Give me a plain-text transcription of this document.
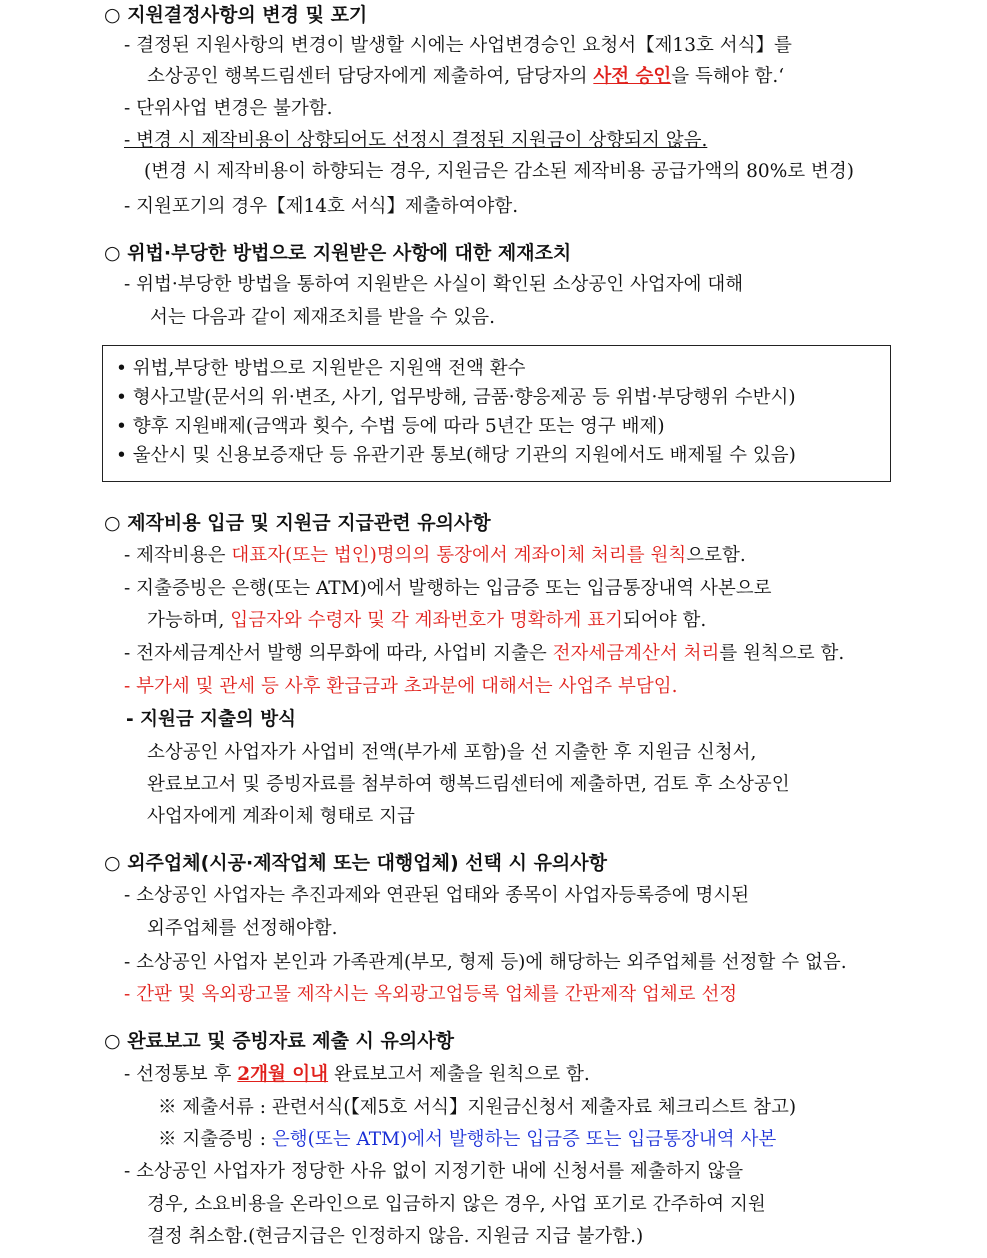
○ 지원결정사항의 변경 및 포기
- 결정된 지원사항의 변경이 발생할 시에는 사업변경승인 요청서【제13호 서식】를
소상공인 행복드림센터 담당자에게 제출하여, 담당자의 사전 승인을 득해야 함.‘
- 단위사업 변경은 불가함.
- 변경 시 제작비용이 상향되어도 선정시 결정된 지원금이 상향되지 않음.
(변경 시 제작비용이 하향되는 경우, 지원금은 감소된 제작비용 공급가액의 80%로 변경)
- 지원포기의 경우【제14호 서식】제출하여야함.
○ 위법·부당한 방법으로 지원받은 사항에 대한 제재조치
- 위법·부당한 방법을 통하여 지원받은 사실이 확인된 소상공인 사업자에 대해
서는 다음과 같이 제재조치를 받을 수 있음.
• 위법,부당한 방법으로 지원받은 지원액 전액 환수
• 형사고발(문서의 위·변조, 사기, 업무방해, 금품·향응제공 등 위법·부당행위 수반시)
• 향후 지원배제(금액과 횟수, 수법 등에 따라 5년간 또는 영구 배제)
• 울산시 및 신용보증재단 등 유관기관 통보(해당 기관의 지원에서도 배제될 수 있음)
○ 제작비용 입금 및 지원금 지급관련 유의사항
- 제작비용은 대표자(또는 법인)명의의 통장에서 계좌이체 처리를 원칙으로함.
- 지출증빙은 은행(또는 ATM)에서 발행하는 입금증 또는 입금통장내역 사본으로
가능하며, 입금자와 수령자 및 각 계좌번호가 명확하게 표기되어야 함.
- 전자세금계산서 발행 의무화에 따라, 사업비 지출은 전자세금계산서 처리를 원칙으로 함.
- 부가세 및 관세 등 사후 환급금과 초과분에 대해서는 사업주 부담임.
- 지원금 지출의 방식
소상공인 사업자가 사업비 전액(부가세 포함)을 선 지출한 후 지원금 신청서,
완료보고서 및 증빙자료를 첨부하여 행복드림센터에 제출하면, 검토 후 소상공인
사업자에게 계좌이체 형태로 지급
○ 외주업체(시공·제작업체 또는 대행업체) 선택 시 유의사항
- 소상공인 사업자는 추진과제와 연관된 업태와 종목이 사업자등록증에 명시된
외주업체를 선정해야함.
- 소상공인 사업자 본인과 가족관계(부모, 형제 등)에 해당하는 외주업체를 선정할 수 없음.
- 간판 및 옥외광고물 제작시는 옥외광고업등록 업체를 간판제작 업체로 선정
○ 완료보고 및 증빙자료 제출 시 유의사항
- 선정통보 후 2개월 이내 완료보고서 제출을 원칙으로 함.
※ 제출서류 : 관련서식(【제5호 서식】지원금신청서 제출자료 체크리스트 참고)
※ 지출증빙 : 은행(또는 ATM)에서 발행하는 입금증 또는 입금통장내역 사본
- 소상공인 사업자가 정당한 사유 없이 지정기한 내에 신청서를 제출하지 않을
경우, 소요비용을 온라인으로 입금하지 않은 경우, 사업 포기로 간주하여 지원
결정 취소함.(현금지급은 인정하지 않음. 지원금 지급 불가함.)
